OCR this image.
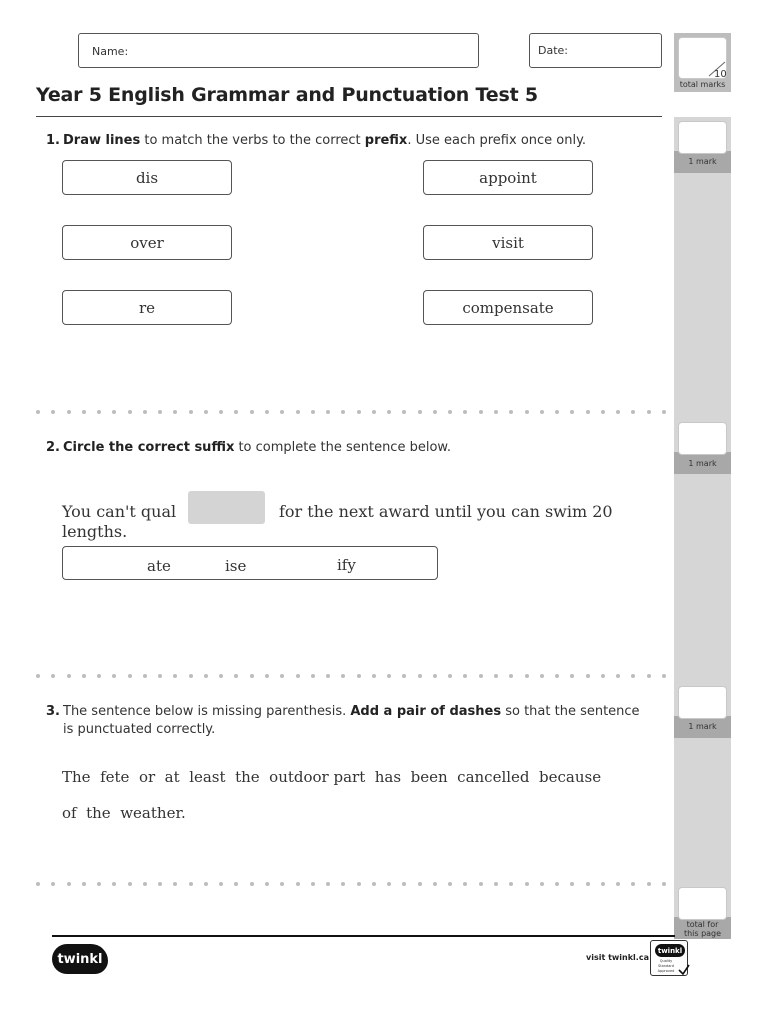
Name:	Date:
10
total marks
Year 5 English Grammar and Punctuation Test 5
1 mark
1 mark
1 mark
total for
this page
1. Draw lines to match the verbs to the correct prefix. Use each prefix once only.
dis
over
re
appoint
visit
compensate
2. Circle the correct suffix to complete the sentence below.
You can't qual	for the next award until you can swim 20
lengths.
ate	ise	ify
3. The sentence below is missing parenthesis. Add a pair of dashes so that the sentence
is punctuated correctly.
The  fete  or  at  least  the  outdoor part  has  been  cancelled  because
of  the  weather.
twinkl	visit twinkl.ca
twinkl
Quality Standard Approved
